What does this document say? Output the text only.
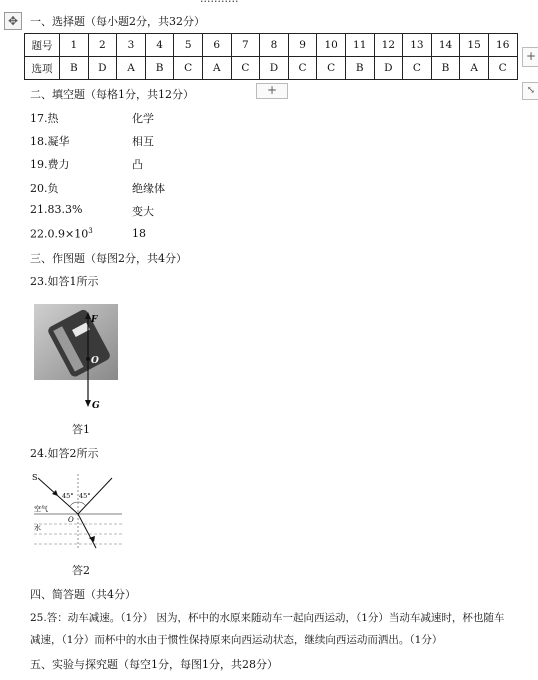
✥	一、选择题（每小题2分，共32分）
题号	1	2	3	4	5	6	7	8	9	10	11	12	13	14	15	16
选项	B	D	A	B	C	A	C	D	C	C	B	D	C	B	A	C
+
⤡
+
二、填空题（每格1分，共12分）
17.热	化学
18.凝华	相互
19.费力	凸
20.负	绝缘体
21.83.3%	变大
$22.0.9\times 10^3$	18
三、作图题（每图2分，共4分）
23.如答1所示
F
O
G
答1
24.如答2所示
S
45° 45°
空气
水
O
答2
四、简答题（共4分）
25.答：动车减速。（1分） 因为，杯中的水原来随动车一起向西运动，（1分）当动车减速时，杯也随车
减速，（1分）而杯中的水由于惯性保持原来向西运动状态，继续向西运动而洒出。（1分）
五、实验与探究题（每空1分，每图1分，共28分）
